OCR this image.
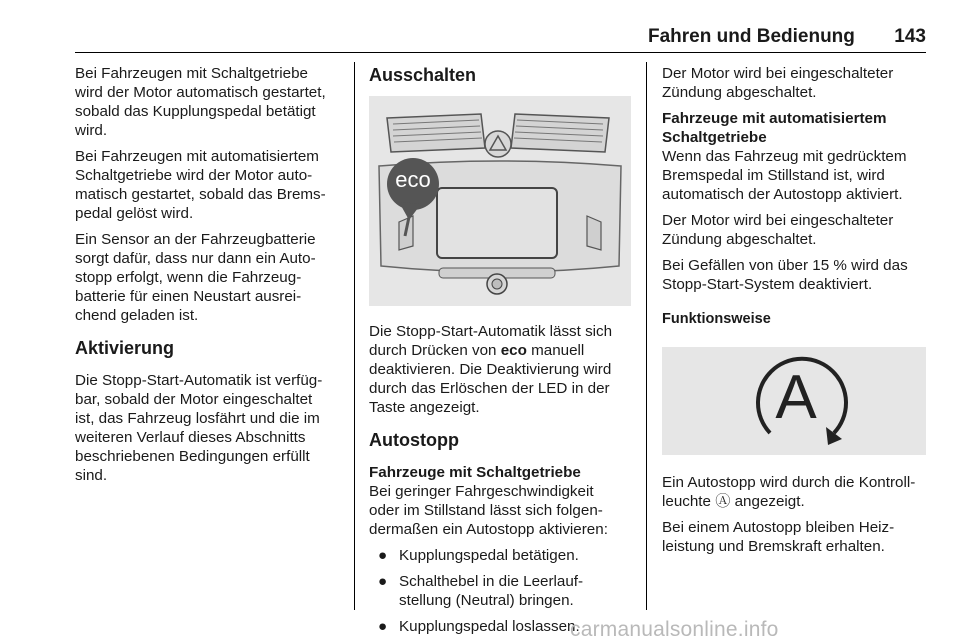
Fahren und Bedienung	143

Bei Fahrzeugen mit Schaltgetriebe
wird der Motor automatisch gestartet,
sobald das Kupplungspedal betätigt
wird.

Bei Fahrzeugen mit automatisiertem
Schaltgetriebe wird der Motor auto-
matisch gestartet, sobald das Brems-
pedal gelöst wird.

Ein Sensor an der Fahrzeugbatterie
sorgt dafür, dass nur dann ein Auto-
stopp erfolgt, wenn die Fahrzeug-
batterie für einen Neustart ausrei-
chend geladen ist.

Aktivierung

Die Stopp-Start-Automatik ist verfüg-
bar, sobald der Motor eingeschaltet
ist, das Fahrzeug losfährt und die im
weiteren Verlauf dieses Abschnitts
beschriebenen Bedingungen erfüllt
sind.

Ausschalten
eco

Die Stopp-Start-Automatik lässt sich
durch Drücken von eco manuell
deaktivieren. Die Deaktivierung wird
durch das Erlöschen der LED in der
Taste angezeigt.

Autostopp
Fahrzeuge mit Schaltgetriebe

Bei geringer Fahrgeschwindigkeit
oder im Stillstand lässt sich folgen-
dermaßen ein Autostopp aktivieren:

● Kupplungspedal betätigen.
● Schalthebel in die Leerlauf-
stellung (Neutral) bringen.
● Kupplungspedal loslassen.

Der Motor wird bei eingeschalteter
Zündung abgeschaltet.

Fahrzeuge mit automatisiertem
Schaltgetriebe

Wenn das Fahrzeug mit gedrücktem
Bremspedal im Stillstand ist, wird
automatisch der Autostopp aktiviert.

Der Motor wird bei eingeschalteter
Zündung abgeschaltet.

Bei Gefällen von über 15 % wird das
Stopp-Start-System deaktiviert.

Funktionsweise
A

Ein Autostopp wird durch die Kontroll-
leuchte Ⓐ angezeigt.

Bei einem Autostopp bleiben Heiz-
leistung und Bremskraft erhalten.

carmanualsonline.info
